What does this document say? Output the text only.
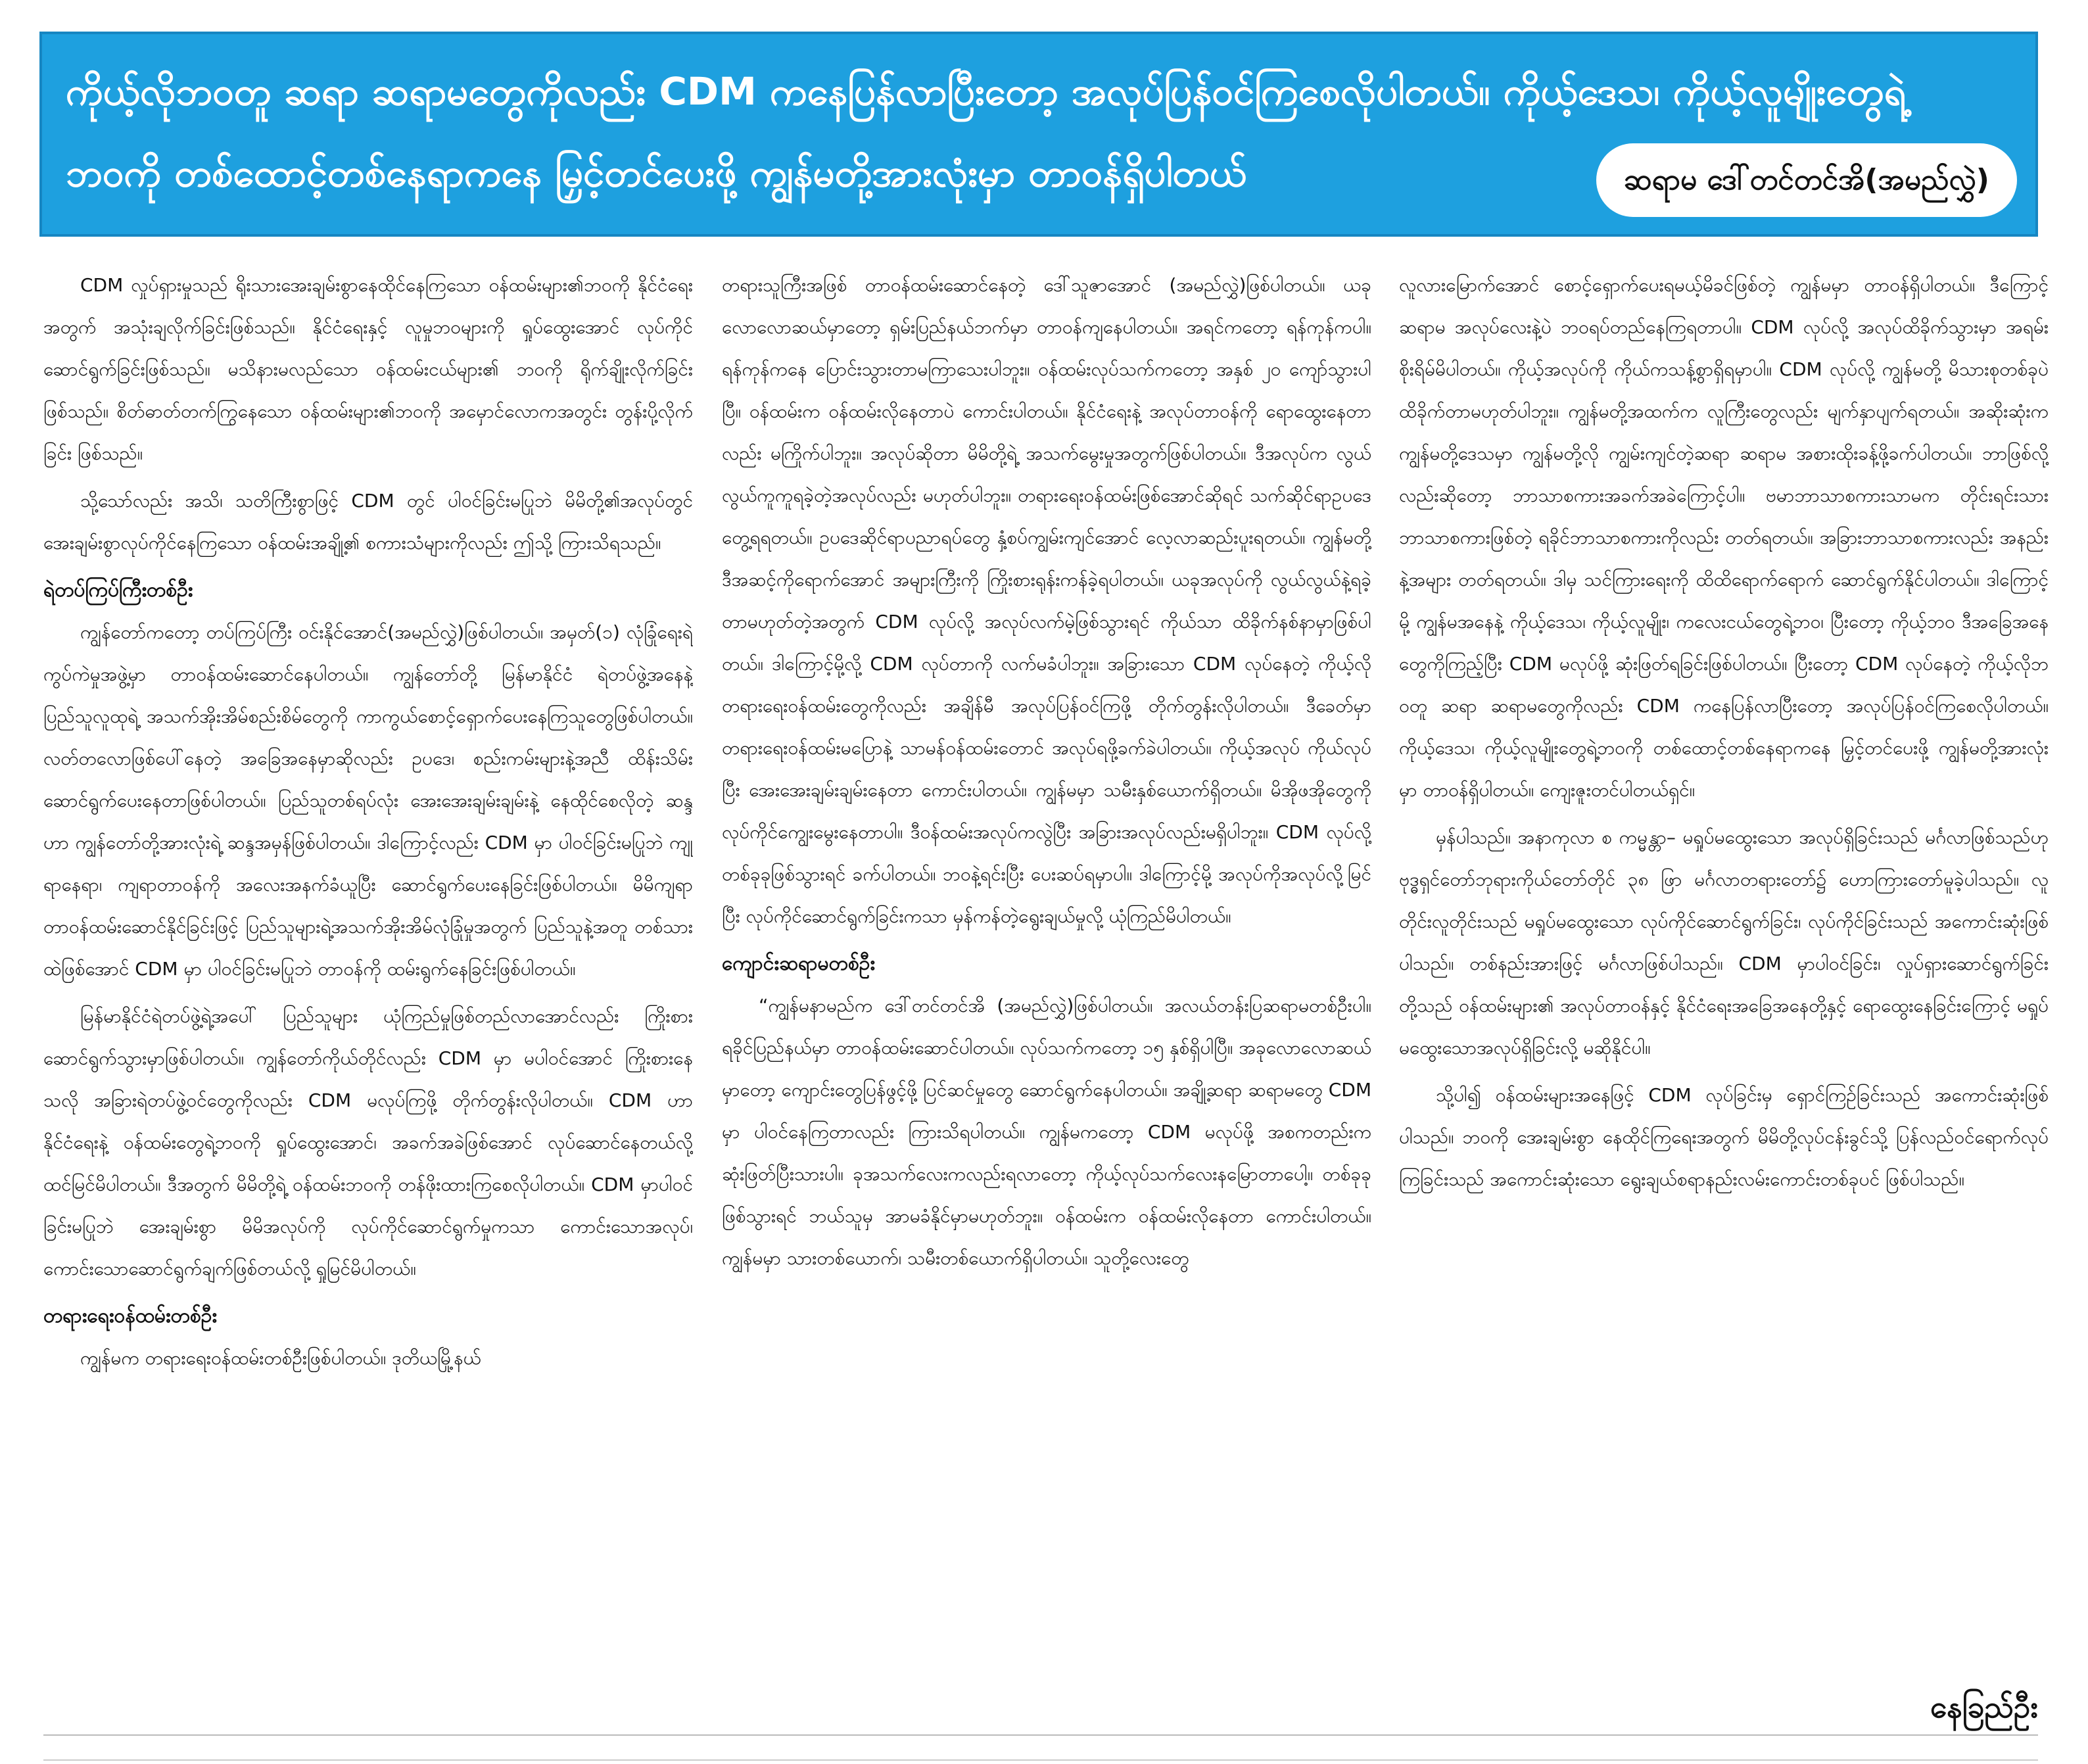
ကိုယ့်လိုဘဝတူ ဆရာ ဆရာမတွေကိုလည်း CDM ကနေပြန်လာပြီးတော့ အလုပ်ပြန်ဝင်ကြစေလိုပါတယ်။ ကိုယ့်ဒေသ၊ ကိုယ့်လူမျိုးတွေရဲ့
ဘဝကို တစ်ထောင့်တစ်နေရာကနေ မြှင့်တင်ပေးဖို့ ကျွန်မတို့အားလုံးမှာ တာဝန်ရှိပါတယ်	ဆရာမ ဒေါ်တင်တင်အိ(အမည်လွှဲ)

CDM လှုပ်ရှားမှုသည် ရိုးသားအေးချမ်းစွာနေထိုင်နေကြသော ဝန်ထမ်းများ၏ဘဝကို နိုင်ငံရေးအတွက် အသုံးချလိုက်ခြင်းဖြစ်သည်။ နိုင်ငံရေးနှင့် လူမှုဘဝများကို ရှုပ်ထွေးအောင် လုပ်ကိုင်ဆောင်ရွက်ခြင်းဖြစ်သည်။ မသိနားမလည်သော ဝန်ထမ်းငယ်များ၏ ဘဝကို ရိုက်ချိုးလိုက်ခြင်းဖြစ်သည်။ စိတ်ဓာတ်တက်ကြွနေသော ဝန်ထမ်းများ၏ဘဝကို အမှောင်လောကအတွင်း တွန်းပို့လိုက်ခြင်း ဖြစ်သည်။

သို့သော်လည်း အသိ၊ သတိကြီးစွာဖြင့် CDM တွင် ပါဝင်ခြင်းမပြုဘဲ မိမိတို့၏အလုပ်တွင် အေးချမ်းစွာလုပ်ကိုင်နေကြသော ဝန်ထမ်းအချို့၏ စကားသံများကိုလည်း ဤသို့ ကြားသိရသည်။

ရဲတပ်ကြပ်ကြီးတစ်ဦး

ကျွန်တော်ကတော့ တပ်ကြပ်ကြီး ဝင်းနိုင်အောင်(အမည်လွှဲ)ဖြစ်ပါတယ်။ အမှတ်(၁) လုံခြုံရေးရဲကွပ်ကဲမှုအဖွဲ့မှာ တာဝန်ထမ်းဆောင်နေပါတယ်။ ကျွန်တော်တို့ မြန်မာနိုင်ငံ ရဲတပ်ဖွဲ့အနေနဲ့ ပြည်သူလူထုရဲ့ အသက်အိုးအိမ်စည်းစိမ်တွေကို ကာကွယ်စောင့်ရှောက်ပေးနေကြသူတွေဖြစ်ပါတယ်။ လတ်တလောဖြစ်ပေါ်နေတဲ့ အခြေအနေမှာဆိုလည်း ဥပဒေ၊ စည်းကမ်းများနဲ့အညီ ထိန်းသိမ်းဆောင်ရွက်ပေးနေတာဖြစ်ပါတယ်။ ပြည်သူတစ်ရပ်လုံး အေးအေးချမ်းချမ်းနဲ့ နေထိုင်စေလိုတဲ့ ဆန္ဒဟာ ကျွန်တော်တို့အားလုံးရဲ့ ဆန္ဒအမှန်ဖြစ်ပါတယ်။ ဒါကြောင့်လည်း CDM မှာ ပါဝင်ခြင်းမပြုဘဲ ကျုရာနေရာ၊ ကျရာတာဝန်ကို အလေးအနက်ခံယူပြီး ဆောင်ရွက်ပေးနေခြင်းဖြစ်ပါတယ်။ မိမိကျရာတာဝန်ထမ်းဆောင်နိုင်ခြင်းဖြင့် ပြည်သူများရဲ့အသက်အိုးအိမ်လုံခြုံမှုအတွက် ပြည်သူနဲ့အတူ တစ်သားထဲဖြစ်အောင် CDM မှာ ပါဝင်ခြင်းမပြုဘဲ တာဝန်ကို ထမ်းရွက်နေခြင်းဖြစ်ပါတယ်။

မြန်မာနိုင်ငံရဲတပ်ဖွဲ့ရဲ့အပေါ် ပြည်သူများ ယုံကြည်မှုဖြစ်တည်လာအောင်လည်း ကြိုးစားဆောင်ရွက်သွားမှာဖြစ်ပါတယ်။ ကျွန်တော်ကိုယ်တိုင်လည်း CDM မှာ မပါဝင်အောင် ကြိုးစားနေသလို အခြားရဲတပ်ဖွဲ့ဝင်တွေကိုလည်း CDM မလုပ်ကြဖို့ တိုက်တွန်းလိုပါတယ်။ CDM ဟာ နိုင်ငံရေးနဲ့ ဝန်ထမ်းတွေရဲ့ဘဝကို ရှုပ်ထွေးအောင်၊ အခက်အခဲဖြစ်အောင် လုပ်ဆောင်နေတယ်လို့ ထင်မြင်မိပါတယ်။ ဒီအတွက် မိမိတို့ရဲ့ ဝန်ထမ်းဘဝကို တန်ဖိုးထားကြစေလိုပါတယ်။ CDM မှာပါဝင်ခြင်းမပြုဘဲ အေးချမ်းစွာ မိမိအလုပ်ကို လုပ်ကိုင်ဆောင်ရွက်မှုကသာ ကောင်းသောအလုပ်၊ ကောင်းသောဆောင်ရွက်ချက်ဖြစ်တယ်လို့ ရှုမြင်မိပါတယ်။

တရားရေးဝန်ထမ်းတစ်ဦး

ကျွန်မက တရားရေးဝန်ထမ်းတစ်ဦးဖြစ်ပါတယ်။ ဒုတိယမြို့နယ်

တရားသူကြီးအဖြစ် တာဝန်ထမ်းဆောင်နေတဲ့ ဒေါ်သူဇာအောင် (အမည်လွှဲ)ဖြစ်ပါတယ်။ ယခုလောလောဆယ်မှာတော့ ရှမ်းပြည်နယ်ဘက်မှာ တာဝန်ကျနေပါတယ်။ အရင်ကတော့ ရန်ကုန်ကပါ။ ရန်ကုန်ကနေ ပြောင်းသွားတာမကြာသေးပါဘူး။ ဝန်ထမ်းလုပ်သက်ကတော့ အနှစ် ၂၀ ကျော်သွားပါပြီ။ ဝန်ထမ်းက ဝန်ထမ်းလိုနေတာပဲ ကောင်းပါတယ်။ နိုင်ငံရေးနဲ့ အလုပ်တာဝန်ကို ရောထွေးနေတာလည်း မကြိုက်ပါဘူး။ အလုပ်ဆိုတာ မိမိတို့ရဲ့ အသက်မွေးမှုအတွက်ဖြစ်ပါတယ်။ ဒီအလုပ်က လွယ်လွယ်ကူကူရခဲ့တဲ့အလုပ်လည်း မဟုတ်ပါဘူး။ တရားရေးဝန်ထမ်းဖြစ်အောင်ဆိုရင် သက်ဆိုင်ရာဥပဒေတွေ့ရရတယ်။ ဥပဒေဆိုင်ရာပညာရပ်တွေ နှံ့စပ်ကျွမ်းကျင်အောင် လေ့လာဆည်းပူးရတယ်။ ကျွန်မတို့ ဒီအဆင့်ကိုရောက်အောင် အများကြီးကို ကြိုးစားရုန်းကန်ခဲ့ရပါတယ်။ ယခုအလုပ်ကို လွယ်လွယ်နဲ့ရခဲ့တာမဟုတ်တဲ့အတွက် CDM လုပ်လို့ အလုပ်လက်မဲ့ဖြစ်သွားရင် ကိုယ်သာ ထိခိုက်နစ်နာမှာဖြစ်ပါတယ်။ ဒါကြောင့်မို့လို့ CDM လုပ်တာကို လက်မခံပါဘူး။ အခြားသော CDM လုပ်နေတဲ့ ကိုယ့်လိုတရားရေးဝန်ထမ်းတွေကိုလည်း အချိန်မီ အလုပ်ပြန်ဝင်ကြဖို့ တိုက်တွန်းလိုပါတယ်။ ဒီခေတ်မှာ တရားရေးဝန်ထမ်းမပြောနဲ့ သာမန်ဝန်ထမ်းတောင် အလုပ်ရဖို့ခက်ခဲပါတယ်။ ကိုယ့်အလုပ် ကိုယ်လုပ်ပြီး အေးအေးချမ်းချမ်းနေတာ ကောင်းပါတယ်။ ကျွန်မမှာ သမီးနှစ်ယောက်ရှိတယ်။ မိအိုဖအိုတွေကို လုပ်ကိုင်ကျွေးမွေးနေတာပါ။ ဒီဝန်ထမ်းအလုပ်ကလွဲပြီး အခြားအလုပ်လည်းမရှိပါဘူး။ CDM လုပ်လို့ တစ်ခုခုဖြစ်သွားရင် ခက်ပါတယ်။ ဘဝနဲ့ရင်းပြီး ပေးဆပ်ရမှာပါ။ ဒါကြောင့်မို့ အလုပ်ကိုအလုပ်လို့မြင်ပြီး လုပ်ကိုင်ဆောင်ရွက်ခြင်းကသာ မှန်ကန်တဲ့ရွေးချယ်မှုလို့ ယုံကြည်မိပါတယ်။

ကျောင်းဆရာမတစ်ဦး

“ကျွန်မနာမည်က ဒေါ်တင်တင်အိ (အမည်လွှဲ)ဖြစ်ပါတယ်။ အလယ်တန်းပြဆရာမတစ်ဦးပါ။ ရခိုင်ပြည်နယ်မှာ တာဝန်ထမ်းဆောင်ပါတယ်။ လုပ်သက်ကတော့ ၁၅ နှစ်ရှိပါပြီ။ အခုလောလောဆယ်မှာတော့ ကျောင်းတွေပြန်ဖွင့်ဖို့ ပြင်ဆင်မှုတွေ ဆောင်ရွက်နေပါတယ်။ အချို့ဆရာ ဆရာမတွေ CDM မှာ ပါဝင်နေကြတာလည်း ကြားသိရပါတယ်။ ကျွန်မကတော့ CDM မလုပ်ဖို့ အစကတည်းက ဆုံးဖြတ်ပြီးသားပါ။ ခုအသက်လေးကလည်းရလာတော့ ကိုယ့်လုပ်သက်လေးနမြောတာပေါ့။ တစ်ခုခုဖြစ်သွားရင် ဘယ်သူမှ အာမခံနိုင်မှာမဟုတ်ဘူး။ ဝန်ထမ်းက ဝန်ထမ်းလိုနေတာ ကောင်းပါတယ်။ ကျွန်မမှာ သားတစ်ယောက်၊ သမီးတစ်ယောက်ရှိပါတယ်။ သူတို့လေးတွေ

လူလားမြောက်အောင် စောင့်ရှောက်ပေးရမယ့်မိခင်ဖြစ်တဲ့ ကျွန်မမှာ တာဝန်ရှိပါတယ်။ ဒီကြောင့်ဆရာမ အလုပ်လေးနဲ့ပဲ ဘဝရပ်တည်နေကြရတာပါ။ CDM လုပ်လို့ အလုပ်ထိခိုက်သွားမှာ အရမ်းစိုးရိမ်မိပါတယ်။ ကိုယ့်အလုပ်ကို ကိုယ်ကသန့်စွာရှိရမှာပါ။ CDM လုပ်လို့ ကျွန်မတို့ မိသားစုတစ်ခုပဲ ထိခိုက်တာမဟုတ်ပါဘူး။ ကျွန်မတို့အထက်က လူကြီးတွေလည်း မျက်နှာပျက်ရတယ်။ အဆိုးဆုံးက ကျွန်မတို့ဒေသမှာ ကျွန်မတို့လို ကျွမ်းကျင်တဲ့ဆရာ ဆရာမ အစားထိုးခန့်ဖို့ခက်ပါတယ်။ ဘာဖြစ်လို့လည်းဆိုတော့ ဘာသာစကားအခက်အခဲကြောင့်ပါ။ ဗမာဘာသာစကားသာမက တိုင်းရင်းသားဘာသာစကားဖြစ်တဲ့ ရခိုင်ဘာသာစကားကိုလည်း တတ်ရတယ်။ အခြားဘာသာစကားလည်း အနည်းနဲ့အများ တတ်ရတယ်။ ဒါမှ သင်ကြားရေးကို ထိထိရောက်ရောက် ဆောင်ရွက်နိုင်ပါတယ်။ ဒါကြောင့်မို့ ကျွန်မအနေနဲ့ ကိုယ့်ဒေသ၊ ကိုယ့်လူမျိုး၊ ကလေးငယ်တွေရဲ့ဘဝ၊ ပြီးတော့ ကိုယ့်ဘဝ ဒီအခြေအနေတွေကိုကြည့်ပြီး CDM မလုပ်ဖို့ ဆုံးဖြတ်ရခြင်းဖြစ်ပါတယ်။ ပြီးတော့ CDM လုပ်နေတဲ့ ကိုယ့်လိုဘဝတူ ဆရာ ဆရာမတွေကိုလည်း CDM ကနေပြန်လာပြီးတော့ အလုပ်ပြန်ဝင်ကြစေလိုပါတယ်။ ကိုယ့်ဒေသ၊ ကိုယ့်လူမျိုးတွေရဲ့ဘဝကို တစ်ထောင့်တစ်နေရာကနေ မြှင့်တင်ပေးဖို့ ကျွန်မတို့အားလုံးမှာ တာဝန်ရှိပါတယ်။ ကျေးဇူးတင်ပါတယ်ရှင်။

မှန်ပါသည်။ အနာကုလာ စ ကမ္မန္တာ– မရှုပ်မထွေးသော အလုပ်ရှိခြင်းသည် မင်္ဂလာဖြစ်သည်ဟု ဗုဒ္ဓရှင်တော်ဘုရားကိုယ်တော်တိုင် ၃၈ ဖြာ မင်္ဂလာတရားတော်၌ ဟောကြားတော်မူခဲ့ပါသည်။ လူတိုင်းလူတိုင်းသည် မရှုပ်မထွေးသော လုပ်ကိုင်ဆောင်ရွက်ခြင်း၊ လုပ်ကိုင်ခြင်းသည် အကောင်းဆုံးဖြစ်ပါသည်။ တစ်နည်းအားဖြင့် မင်္ဂလာဖြစ်ပါသည်။ CDM မှာပါဝင်ခြင်း၊ လှုပ်ရှားဆောင်ရွက်ခြင်းတို့သည် ဝန်ထမ်းများ၏ အလုပ်တာဝန်နှင့် နိုင်ငံရေးအခြေအနေတို့နှင့် ရောထွေးနေခြင်းကြောင့် မရှုပ်မထွေးသောအလုပ်ရှိခြင်းလို့ မဆိုနိုင်ပါ။

သို့ပါ၍ ဝန်ထမ်းများအနေဖြင့် CDM လုပ်ခြင်းမှ ရှောင်ကြဉ်ခြင်းသည် အကောင်းဆုံးဖြစ်ပါသည်။ ဘဝကို အေးချမ်းစွာ နေထိုင်ကြရေးအတွက် မိမိတို့လုပ်ငန်းခွင်သို့ ပြန်လည်ဝင်ရောက်လုပ်ကြခြင်းသည် အကောင်းဆုံးသော ရွေးချယ်စရာနည်းလမ်းကောင်းတစ်ခုပင် ဖြစ်ပါသည်။

နေခြည်ဦး
